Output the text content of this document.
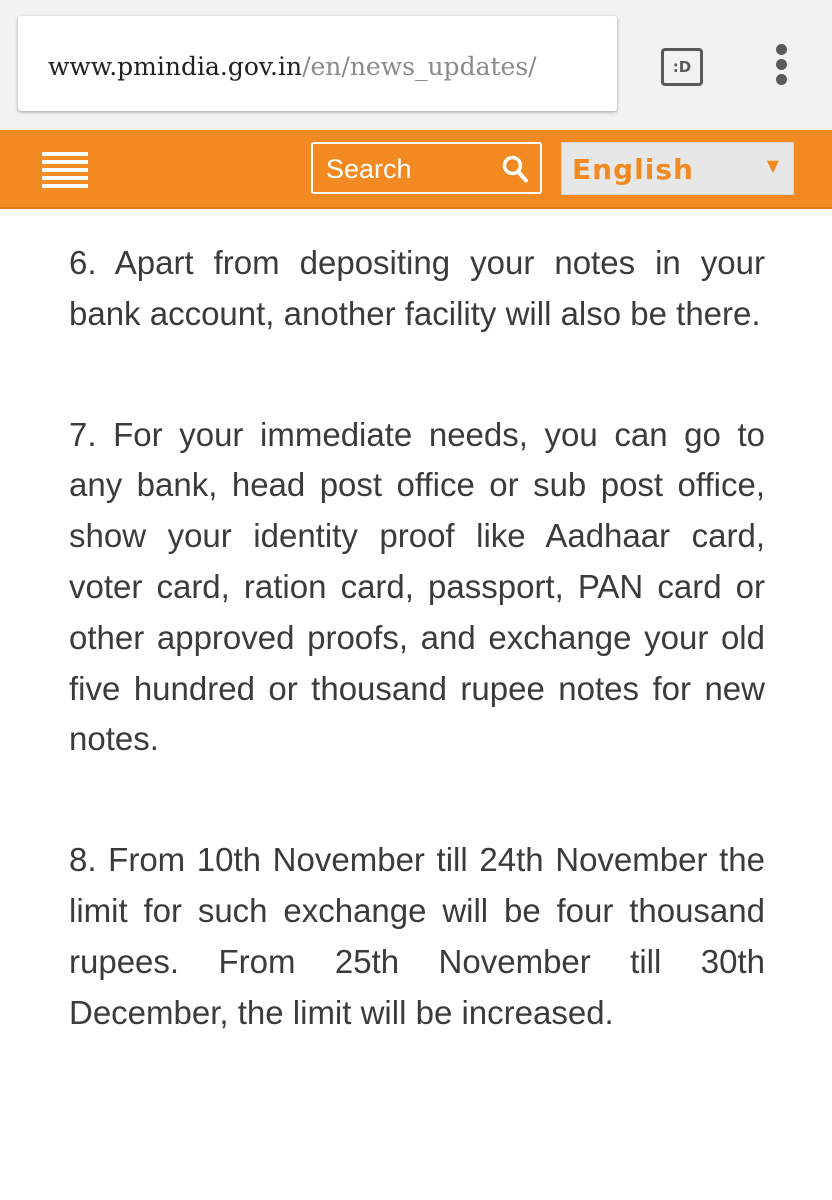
www.pmindia.gov.in/en/news_updates/	:D
Search	English	▼

6. Apart from depositing your notes in your bank account, another facility will also be there.

7. For your immediate needs, you can go to any bank, head post office or sub post office, show your identity proof like Aadhaar card, voter card, ration card, passport, PAN card or other approved proofs, and exchange your old five hundred or thousand rupee notes for new notes.

8. From 10th November till 24th November the limit for such exchange will be four thousand rupees. From 25th November till 30th December, the limit will be increased.
